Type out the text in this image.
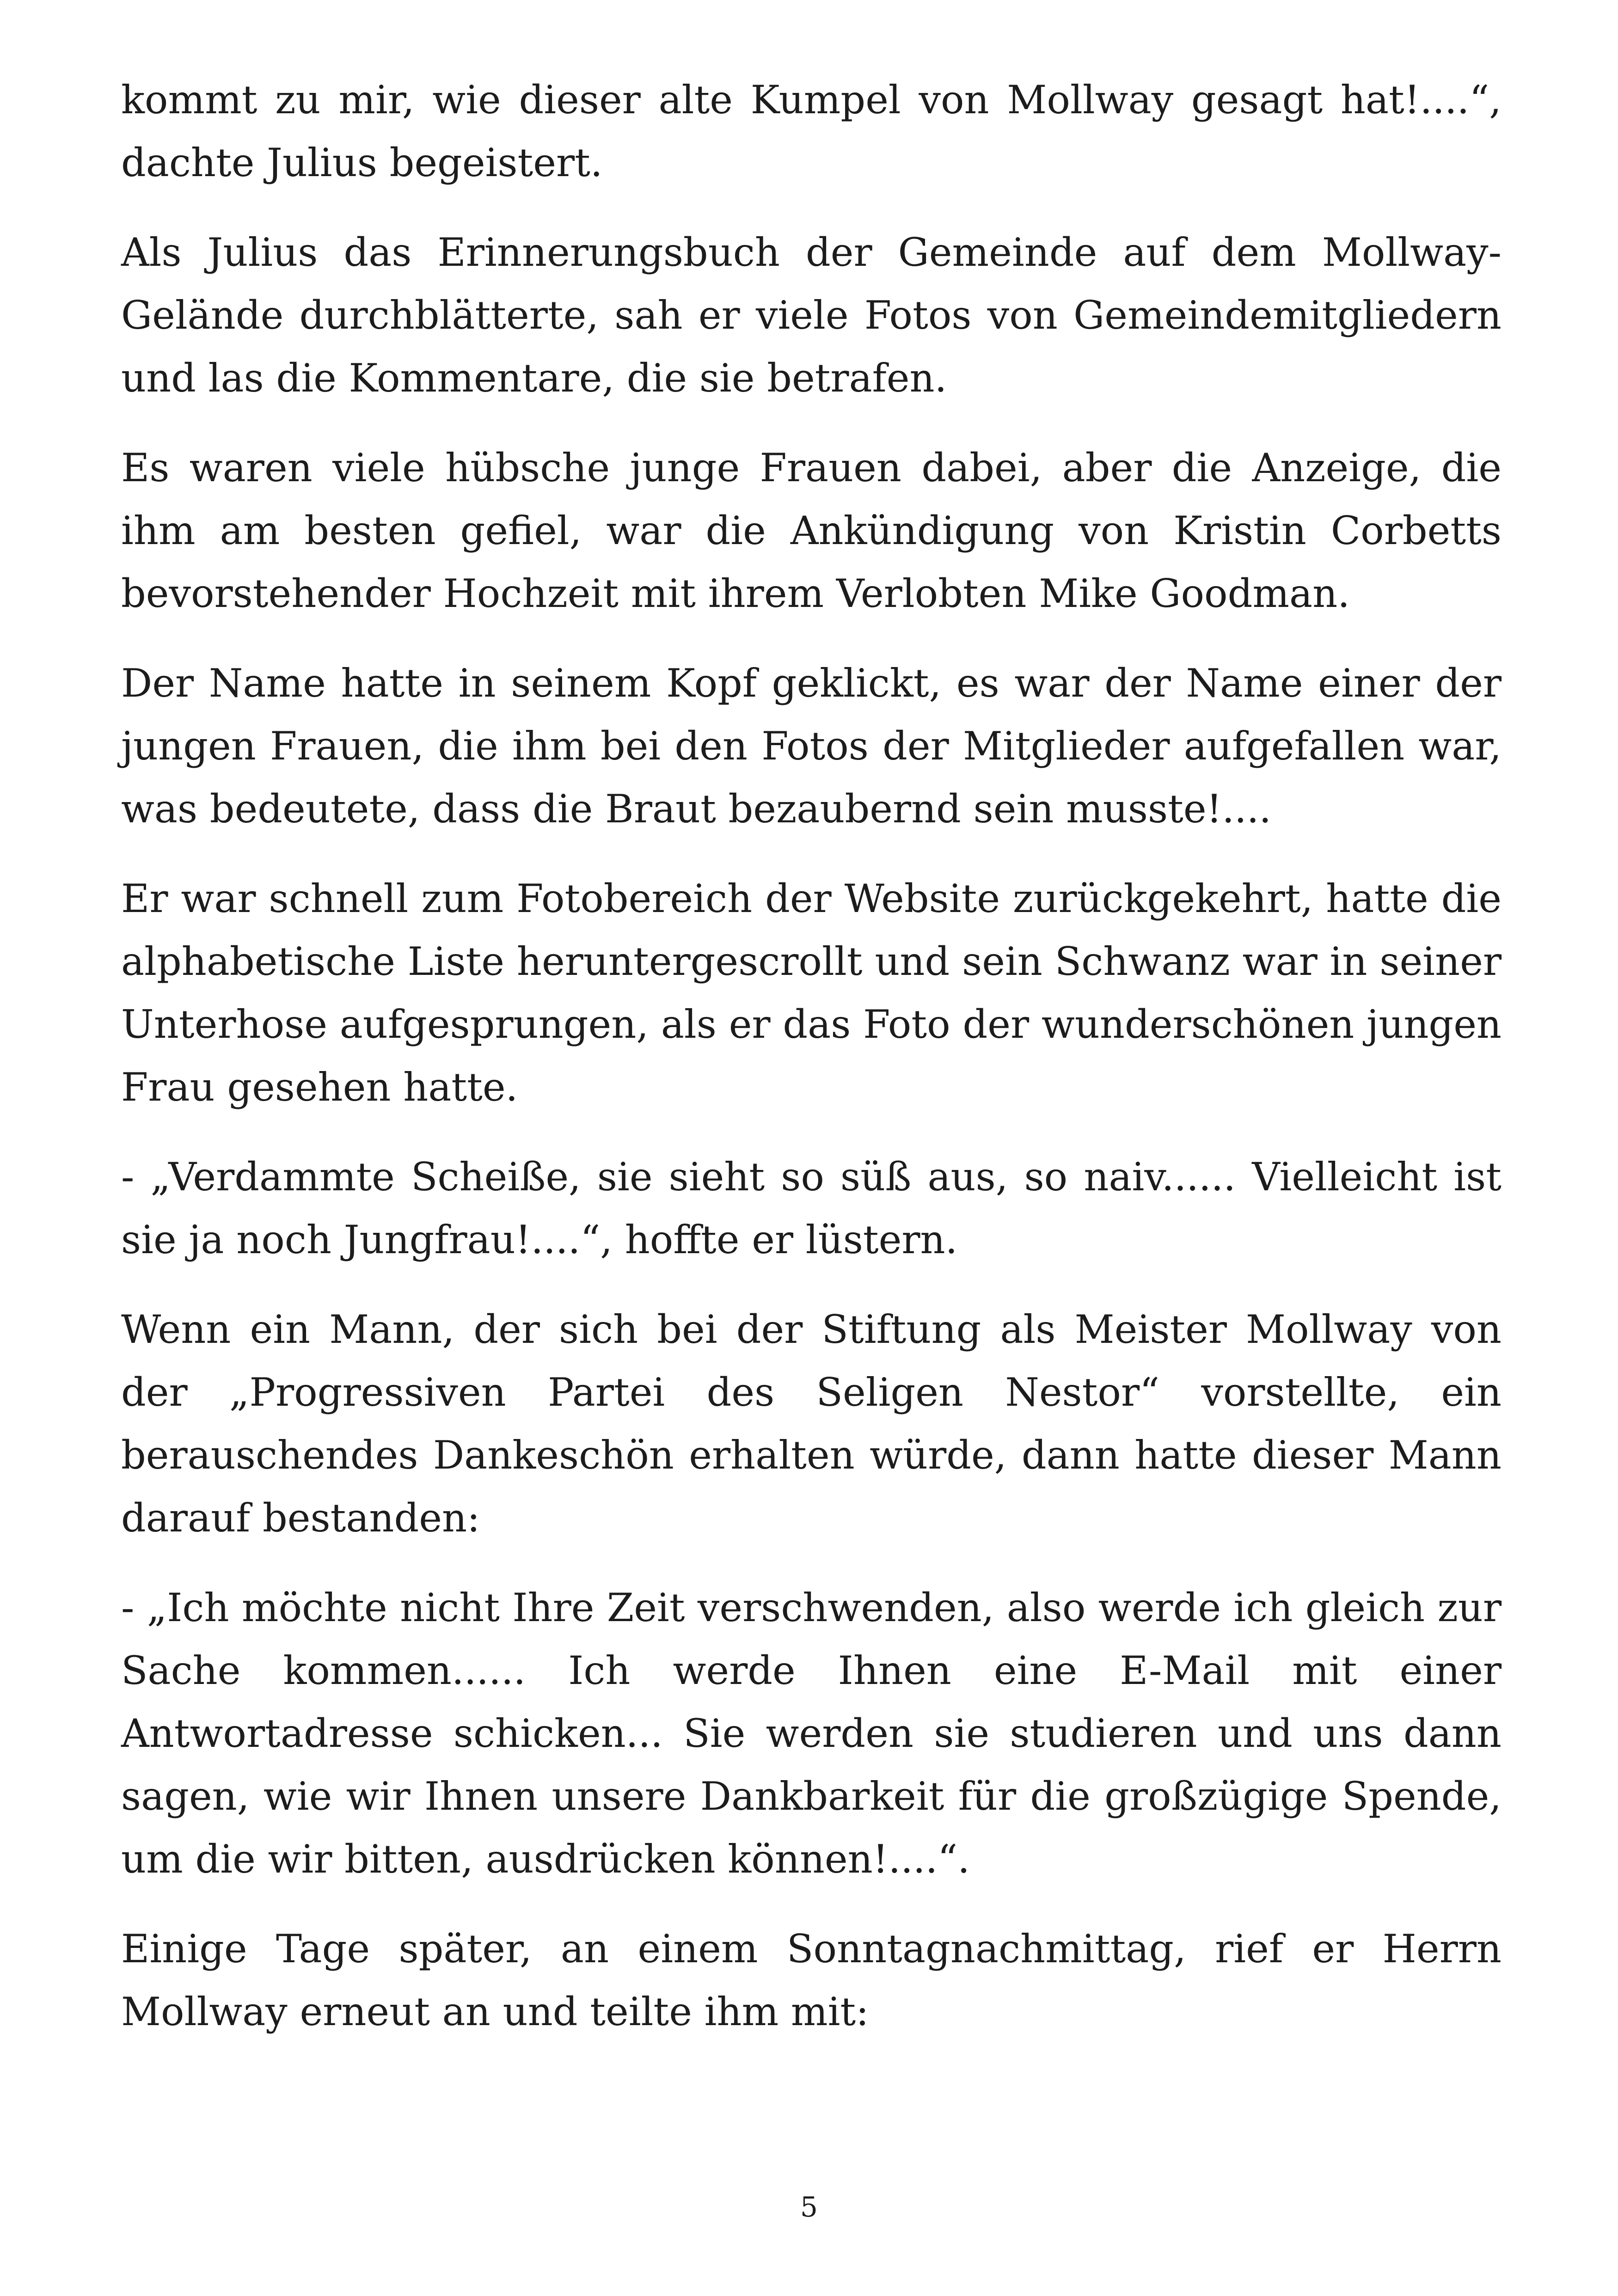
kommt zu mir, wie dieser alte Kumpel von Mollway gesagt hat!....“, dachte Julius begeistert.

Als Julius das Erinnerungsbuch der Gemeinde auf dem Mollway-Gelände durchblätterte, sah er viele Fotos von Gemeindemitgliedern und las die Kommentare, die sie betrafen.

Es waren viele hübsche junge Frauen dabei, aber die Anzeige, die ihm am besten gefiel, war die Ankündigung von Kristin Corbetts bevorstehender Hochzeit mit ihrem Verlobten Mike Goodman.

Der Name hatte in seinem Kopf geklickt, es war der Name einer der jungen Frauen, die ihm bei den Fotos der Mitglieder aufgefallen war, was bedeutete, dass die Braut bezaubernd sein musste!....

Er war schnell zum Fotobereich der Website zurückgekehrt, hatte die alphabetische Liste heruntergescrollt und sein Schwanz war in seiner Unterhose aufgesprungen, als er das Foto der wunderschönen jungen Frau gesehen hatte.

- „Verdammte Scheiße, sie sieht so süß aus, so naiv...... Vielleicht ist sie ja noch Jungfrau!....“, hoffte er lüstern.

Wenn ein Mann, der sich bei der Stiftung als Meister Mollway von der „Progressiven Partei des Seligen Nestor“ vorstellte, ein berauschendes Dankeschön erhalten würde, dann hatte dieser Mann darauf bestanden:

- „Ich möchte nicht Ihre Zeit verschwenden, also werde ich gleich zur Sache kommen...... Ich werde Ihnen eine E-Mail mit einer Antwortadresse schicken... Sie werden sie studieren und uns dann sagen, wie wir Ihnen unsere Dankbarkeit für die großzügige Spende, um die wir bitten, ausdrücken können!....“.

Einige Tage später, an einem Sonntagnachmittag, rief er Herrn Mollway erneut an und teilte ihm mit:

5
